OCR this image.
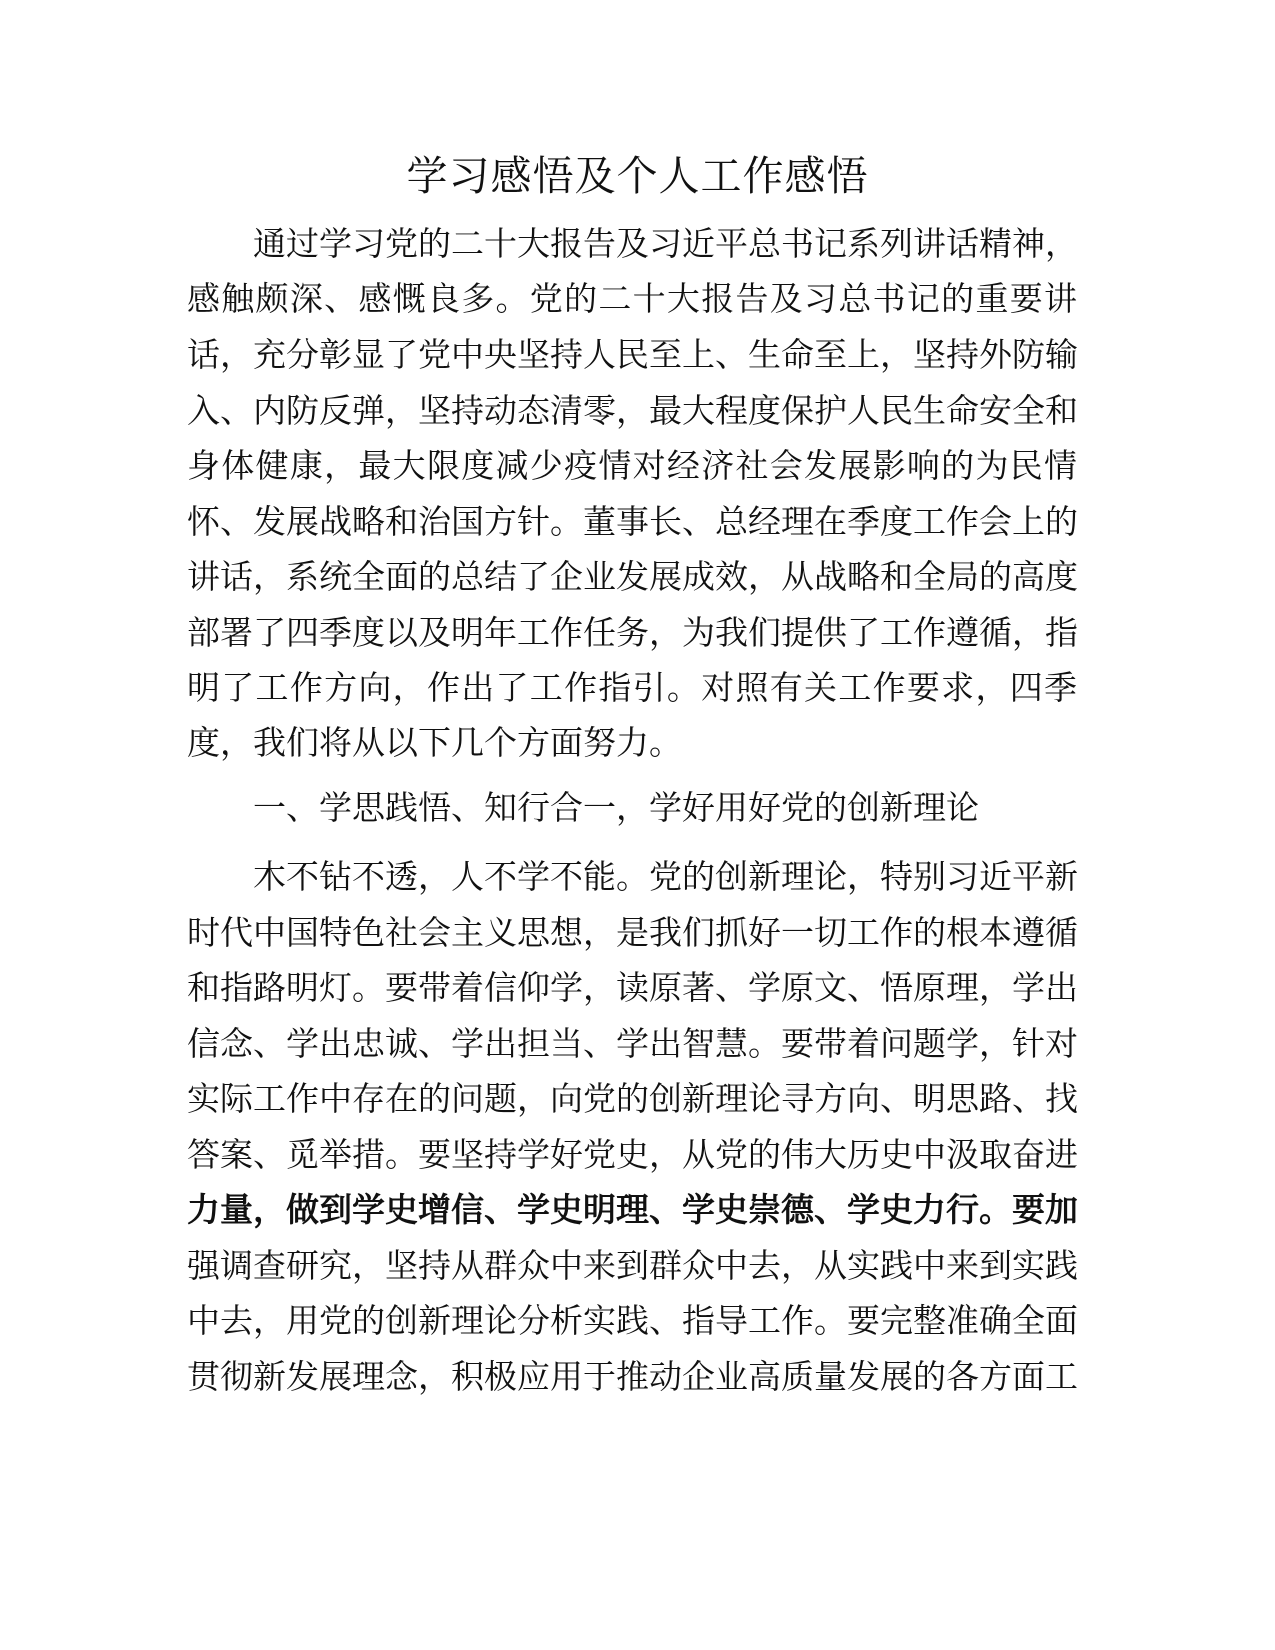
学习感悟及个人工作感悟
通过学习党的二十大报告及习近平总书记系列讲话精神，
感触颇深、感慨良多。党的二十大报告及习总书记的重要讲
话，充分彰显了党中央坚持人民至上、生命至上，坚持外防输
入、内防反弹，坚持动态清零，最大程度保护人民生命安全和
身体健康，最大限度减少疫情对经济社会发展影响的为民情
怀、发展战略和治国方针。董事长、总经理在季度工作会上的
讲话，系统全面的总结了企业发展成效，从战略和全局的高度
部署了四季度以及明年工作任务，为我们提供了工作遵循，指
明了工作方向，作出了工作指引。对照有关工作要求，四季
度，我们将从以下几个方面努力。
一、学思践悟、知行合一，学好用好党的创新理论
木不钻不透，人不学不能。党的创新理论，特别习近平新
时代中国特色社会主义思想，是我们抓好一切工作的根本遵循
和指路明灯。要带着信仰学，读原著、学原文、悟原理，学出
信念、学出忠诚、学出担当、学出智慧。要带着问题学，针对
实际工作中存在的问题，向党的创新理论寻方向、明思路、找
答案、觅举措。要坚持学好党史，从党的伟大历史中汲取奋进
力量，做到学史增信、学史明理、学史崇德、学史力行。要加
强调查研究，坚持从群众中来到群众中去，从实践中来到实践
中去，用党的创新理论分析实践、指导工作。要完整准确全面
贯彻新发展理念，积极应用于推动企业高质量发展的各方面工
